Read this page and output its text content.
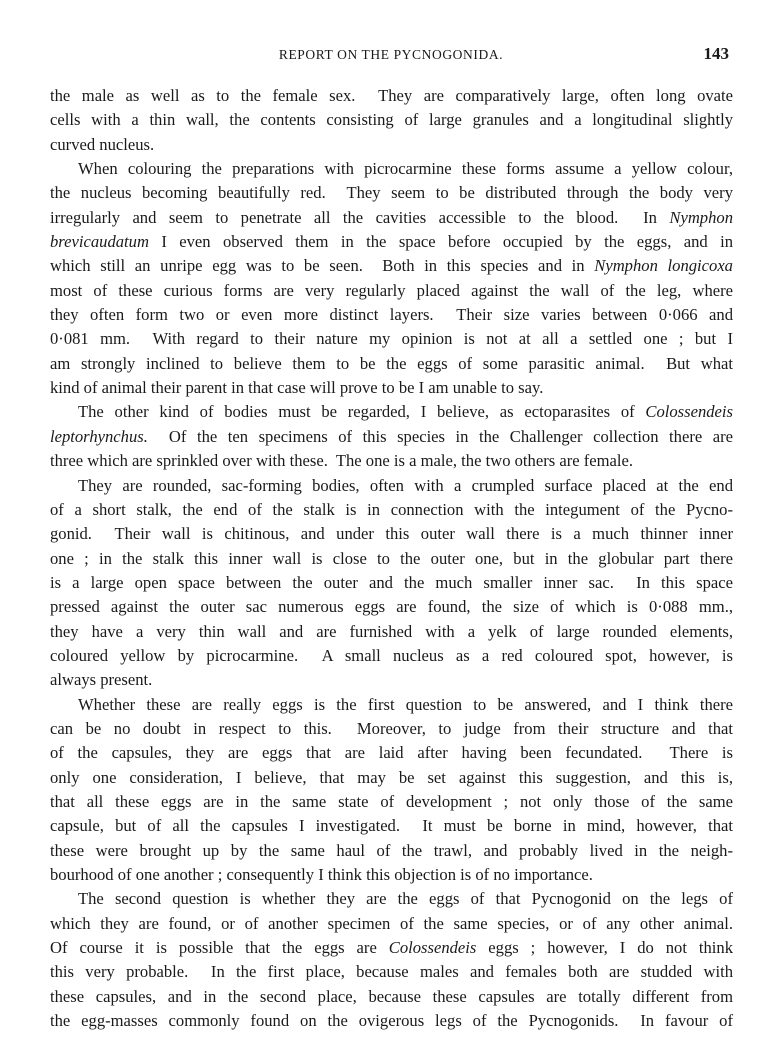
REPORT ON THE PYCNOGONIDA.	143
the male as well as to the female sex.  They are comparatively large, often long ovate
cells with a thin wall, the contents consisting of large granules and a longitudinal slightly
curved nucleus.
When colouring the preparations with picrocarmine these forms assume a yellow colour,
the nucleus becoming beautifully red.  They seem to be distributed through the body very
irregularly and seem to penetrate all the cavities accessible to the blood.  In Nymphon
brevicaudatum I even observed them in the space before occupied by the eggs, and in
which still an unripe egg was to be seen.  Both in this species and in Nymphon longicoxa
most of these curious forms are very regularly placed against the wall of the leg, where
they often form two or even more distinct layers.  Their size varies between 0·066 and
0·081 mm.  With regard to their nature my opinion is not at all a settled one ; but I
am strongly inclined to believe them to be the eggs of some parasitic animal.  But what
kind of animal their parent in that case will prove to be I am unable to say.
The other kind of bodies must be regarded, I believe, as ectoparasites of Colossendeis
leptorhynchus.  Of the ten specimens of this species in the Challenger collection there are
three which are sprinkled over with these.  The one is a male, the two others are female.
They are rounded, sac-forming bodies, often with a crumpled surface placed at the end
of a short stalk, the end of the stalk is in connection with the integument of the Pycno-
gonid.  Their wall is chitinous, and under this outer wall there is a much thinner inner
one ; in the stalk this inner wall is close to the outer one, but in the globular part there
is a large open space between the outer and the much smaller inner sac.  In this space
pressed against the outer sac numerous eggs are found, the size of which is 0·088 mm.,
they have a very thin wall and are furnished with a yelk of large rounded elements,
coloured yellow by picrocarmine.  A small nucleus as a red coloured spot, however, is
always present.
Whether these are really eggs is the first question to be answered, and I think there
can be no doubt in respect to this.  Moreover, to judge from their structure and that
of the capsules, they are eggs that are laid after having been fecundated.  There is
only one consideration, I believe, that may be set against this suggestion, and this is,
that all these eggs are in the same state of development ; not only those of the same
capsule, but of all the capsules I investigated.  It must be borne in mind, however, that
these were brought up by the same haul of the trawl, and probably lived in the neigh-
bourhood of one another ; consequently I think this objection is of no importance.
The second question is whether they are the eggs of that Pycnogonid on the legs of
which they are found, or of another specimen of the same species, or of any other animal.
Of course it is possible that the eggs are Colossendeis eggs ; however, I do not think
this very probable.  In the first place, because males and females both are studded with
these capsules, and in the second place, because these capsules are totally different from
the egg-masses commonly found on the ovigerous legs of the Pycnogonids.  In favour of
